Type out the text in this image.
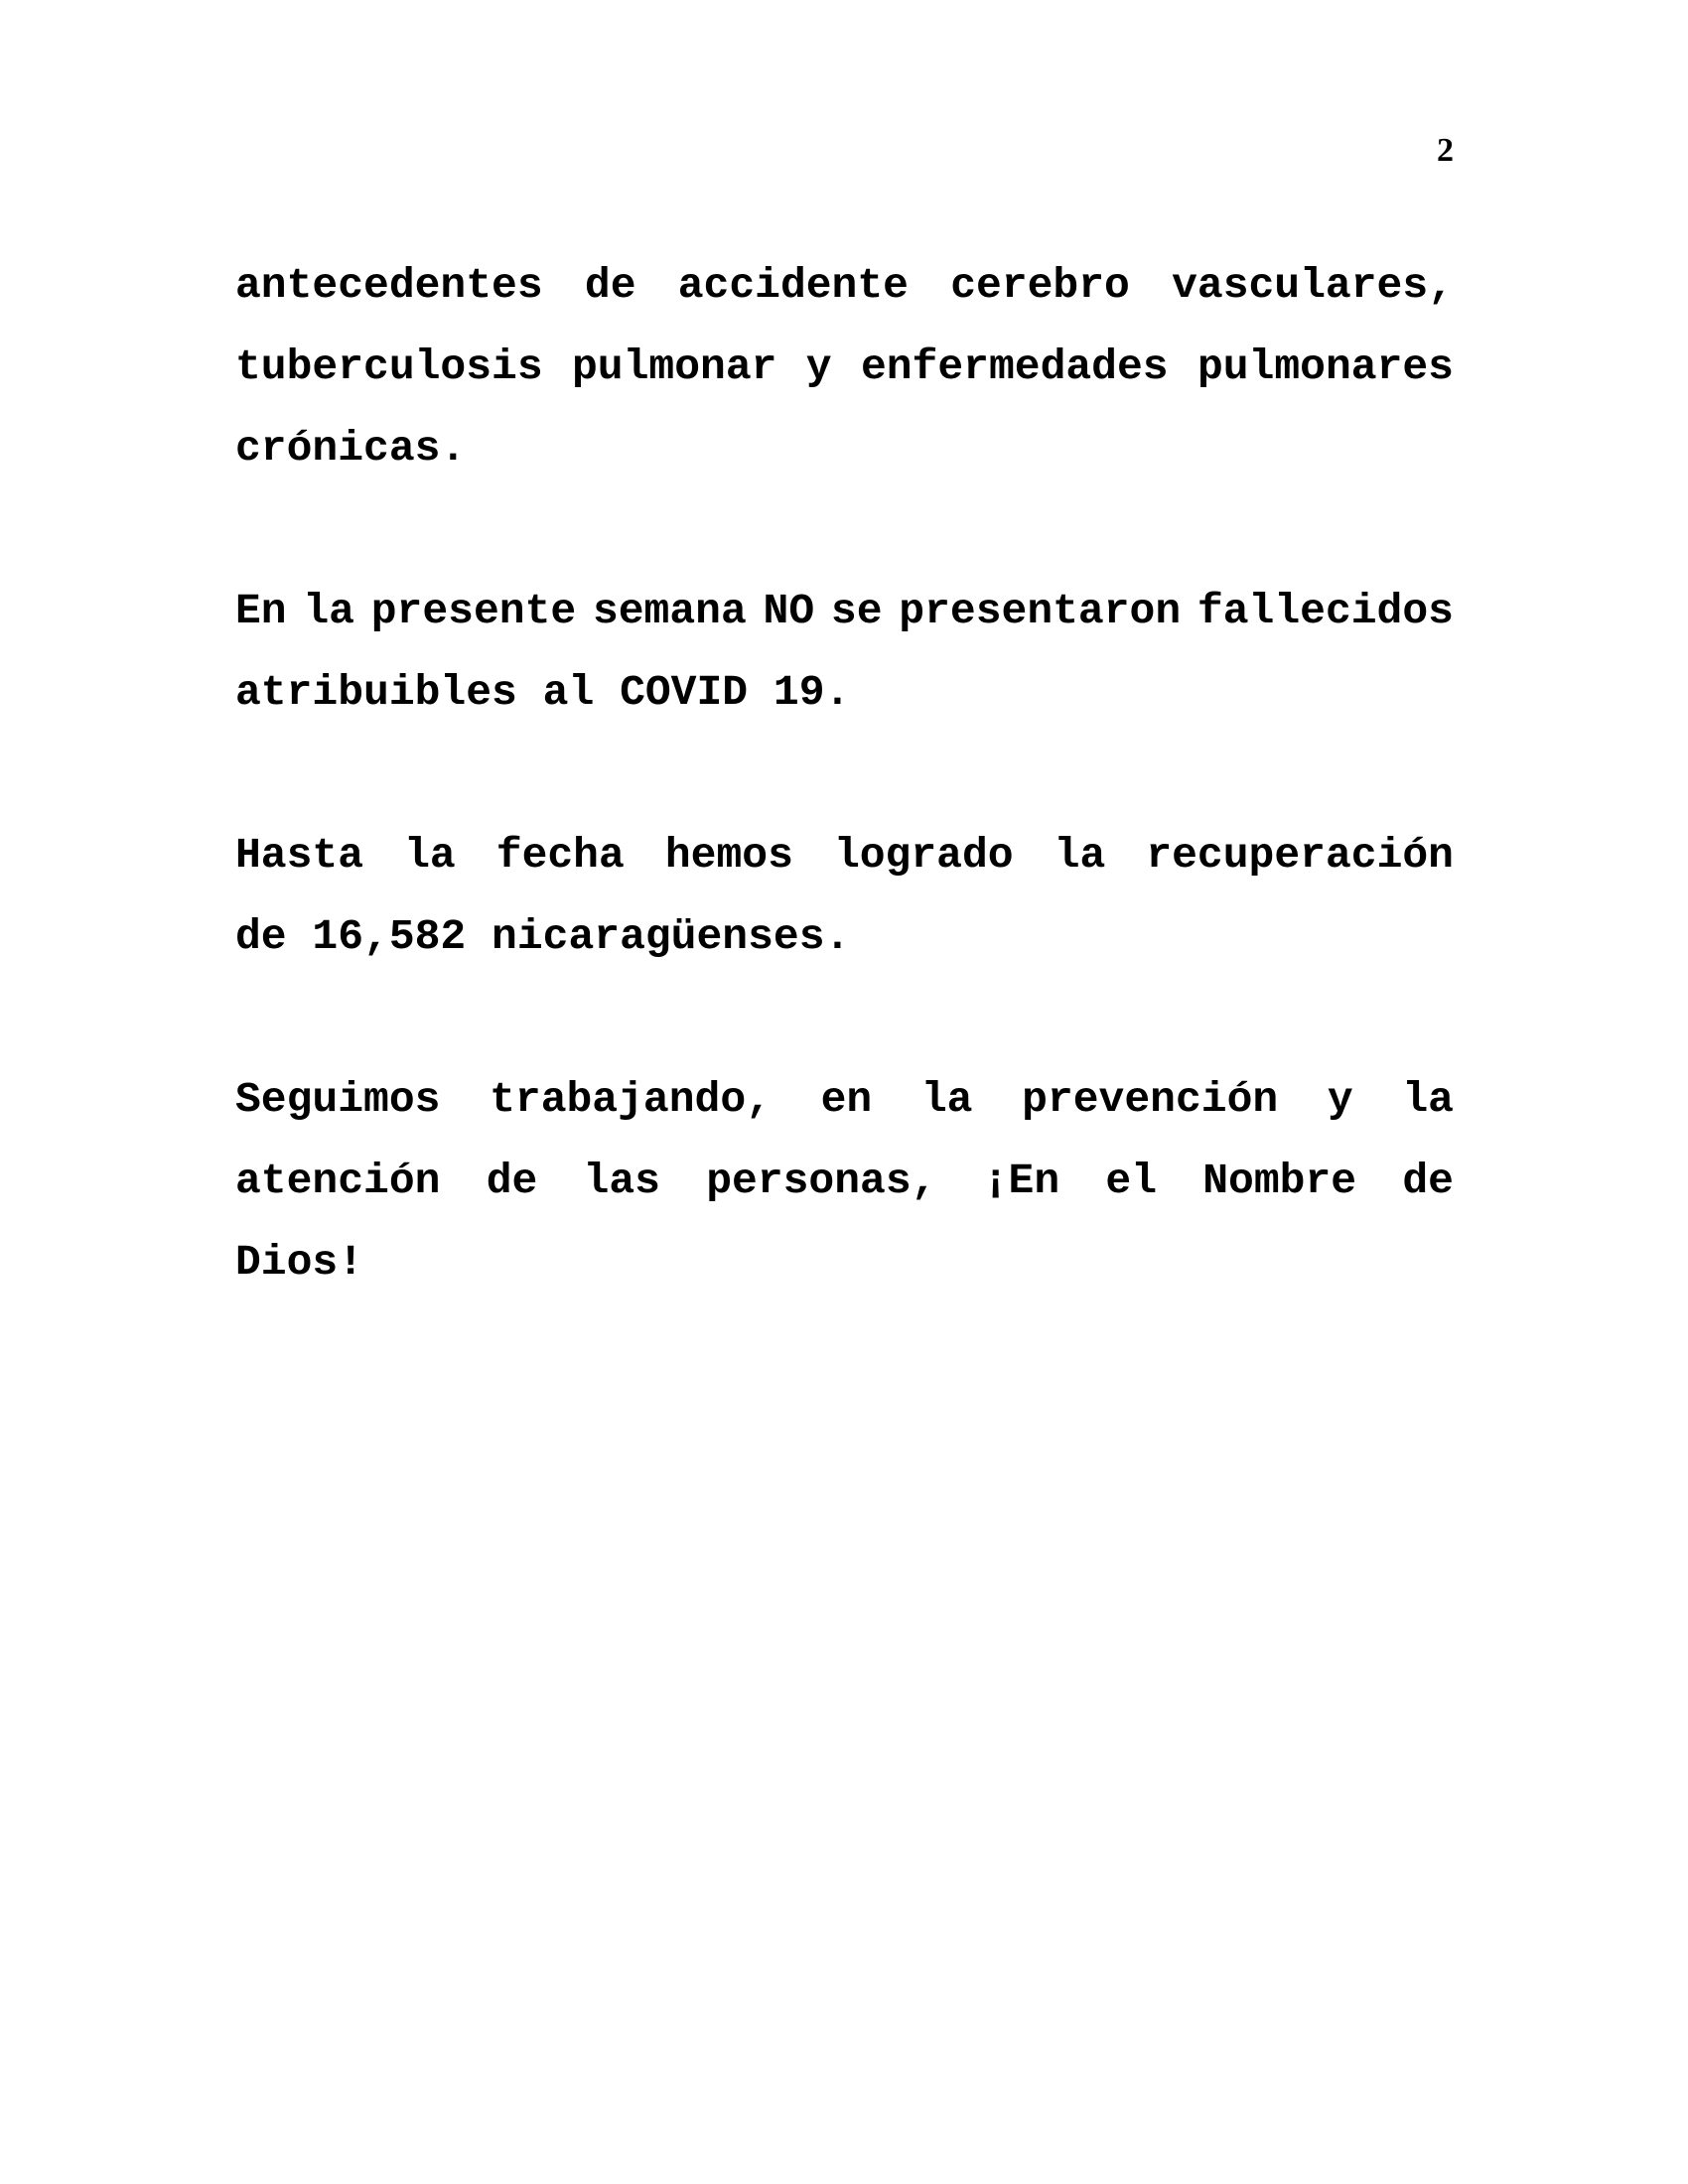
2

antecedentes de accidente cerebro vasculares,
tuberculosis pulmonar y enfermedades pulmonares
crónicas.

En la presente semana NO se presentaron fallecidos
atribuibles al COVID 19.

Hasta la fecha hemos logrado la recuperación
de 16,582 nicaragüenses.

Seguimos trabajando, en la prevención y la
atención de las personas, ¡En el Nombre de
Dios!
